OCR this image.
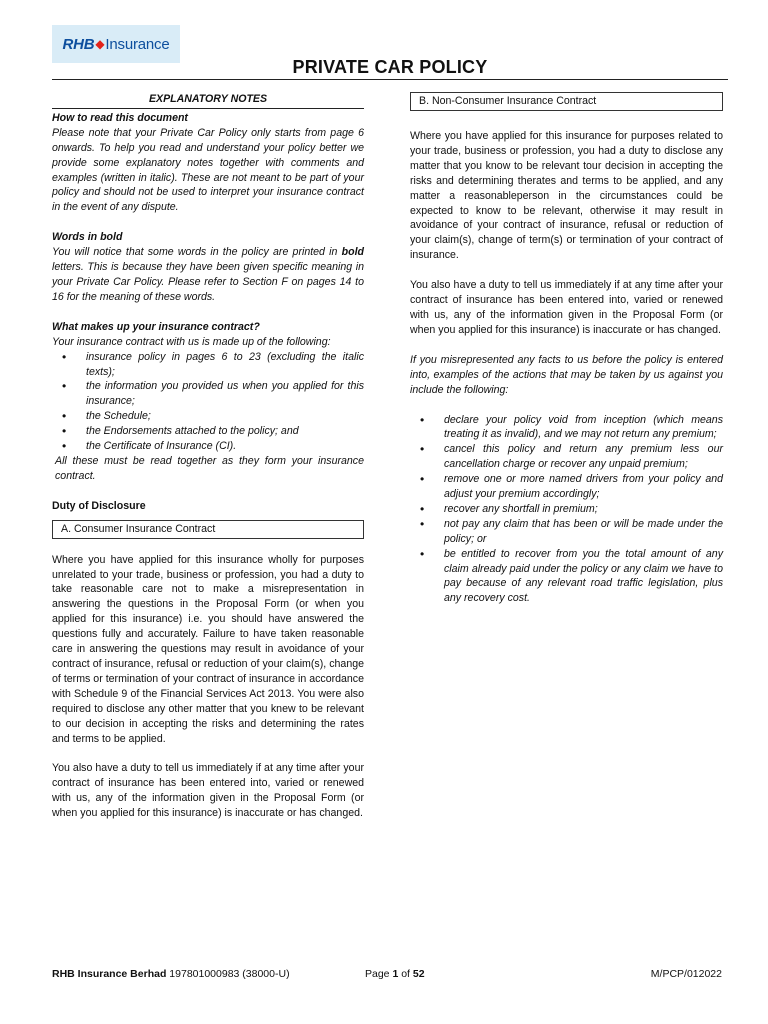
RHB ◆ Insurance
PRIVATE CAR POLICY
EXPLANATORY NOTES

How to read this document

Please note that your Private Car Policy only starts from page 6 onwards. To help you read and understand your policy better we provide some explanatory notes together with comments and examples (written in italic). These are not meant to be part of your policy and should not be used to interpret your insurance contract in the event of any dispute.

Words in bold

You will notice that some words in the policy are printed in bold letters. This is because they have been given specific meaning in your Private Car Policy. Please refer to Section F on pages 14 to 16 for the meaning of these words.

What makes up your insurance contract?

Your insurance contract with us is made up of the following:

• insurance policy in pages 6 to 23 (excluding the italic texts);
• the information you provided us when you applied for this insurance;
• the Schedule;
• the Endorsements attached to the policy; and
• the Certificate of Insurance (CI).

All these must be read together as they form your insurance contract.

Duty of Disclosure

A. Consumer Insurance Contract

Where you have applied for this insurance wholly for purposes unrelated to your trade, business or profession, you had a duty to take reasonable care not to make a misrepresentation in answering the questions in the Proposal Form (or when you applied for this insurance) i.e. you should have answered the questions fully and accurately. Failure to have taken reasonable care in answering the questions may result in avoidance of your contract of insurance, refusal or reduction of your claim(s), change of terms or termination of your contract of insurance in accordance with Schedule 9 of the Financial Services Act 2013. You were also required to disclose any other matter that you knew to be relevant to our decision in accepting the risks and determining the rates and terms to be applied.

You also have a duty to tell us immediately if at any time after your contract of insurance has been entered into, varied or renewed with us, any of the information given in the Proposal Form (or when you applied for this insurance) is inaccurate or has changed.

B. Non-Consumer Insurance Contract

Where you have applied for this insurance for purposes related to your trade, business or profession, you had a duty to disclose any matter that you know to be relevant tour decision in accepting the risks and determining therates and terms to be applied, and any matter a reasonableperson in the circumstances could be expected to know to be relevant, otherwise it may result in avoidance of your contract of insurance, refusal or reduction of your claim(s), change of term(s) or termination of your contract of insurance.

You also have a duty to tell us immediately if at any time after your contract of insurance has been entered into, varied or renewed with us, any of the information given in the Proposal Form (or when you applied for this insurance) is inaccurate or has changed.

If you misrepresented any facts to us before the policy is entered into, examples of the actions that may be taken by us against you include the following:

• declare your policy void from inception (which means treating it as invalid), and we may not return any premium;
• cancel this policy and return any premium less our cancellation charge or recover any unpaid premium;
• remove one or more named drivers from your policy and adjust your premium accordingly;
• recover any shortfall in premium;
• not pay any claim that has been or will be made under the policy; or
• be entitled to recover from you the total amount of any claim already paid under the policy or any claim we have to pay because of any relevant road traffic legislation, plus any recovery cost.
RHB Insurance Berhad 197801000983 (38000-U)	Page 1 of 52	M/PCP/012022
